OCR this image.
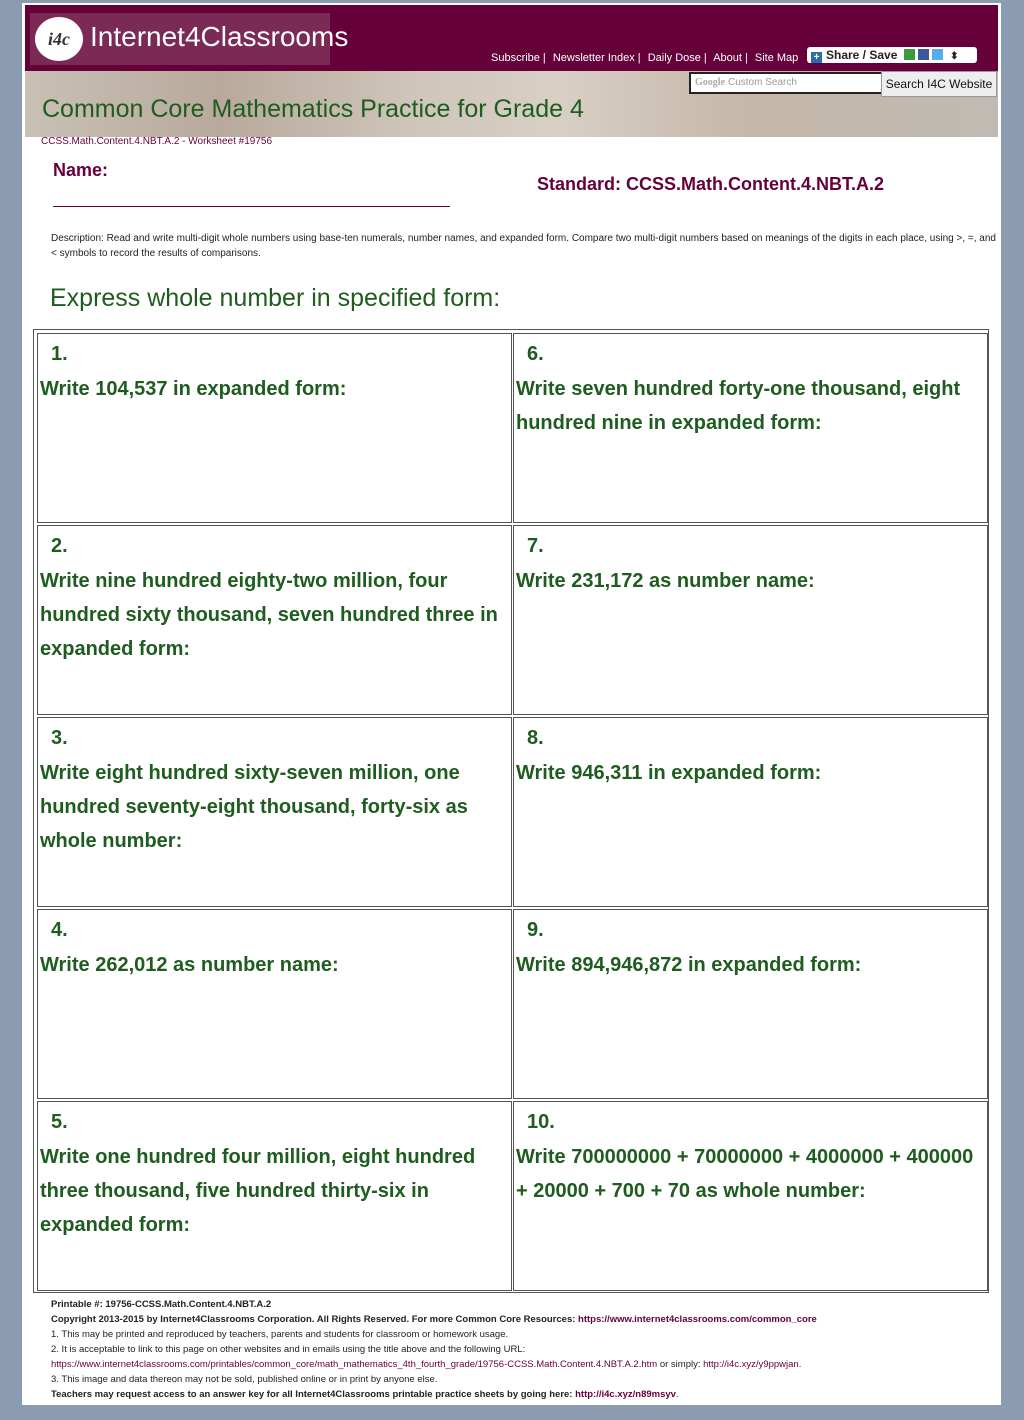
i4c Internet4Classrooms
Subscribe | Newsletter Index | Daily Dose | About | Site Map	+ Share / Save	⬍
Google Custom Search	Search I4C Website
Common Core Mathematics Practice for Grade 4
CCSS.Math.Content.4.NBT.A.2 - Worksheet #19756
Name:
Standard: CCSS.Math.Content.4.NBT.A.2
Description: Read and write multi-digit whole numbers using base-ten numerals, number names, and expanded form. Compare two multi-digit numbers based on meanings of the digits in each place, using >, =, and < symbols to record the results of comparisons.
Express whole number in specified form:
1.
Write 104,537 in expanded form:
2.
Write nine hundred eighty-two million, four hundred sixty thousand, seven hundred three in expanded form:
3.
Write eight hundred sixty-seven million, one hundred seventy-eight thousand, forty-six as whole number:
4.
Write 262,012 as number name:
5.
Write one hundred four million, eight hundred three thousand, five hundred thirty-six in expanded form:
6.
Write seven hundred forty-one thousand, eight hundred nine in expanded form:
7.
Write 231,172 as number name:
8.
Write 946,311 in expanded form:
9.
Write 894,946,872 in expanded form:
10.
Write 700000000 + 70000000 + 4000000 + 400000 + 20000 + 700 + 70 as whole number:
Printable #: 19756-CCSS.Math.Content.4.NBT.A.2
Copyright 2013-2015 by Internet4Classrooms Corporation. All Rights Reserved. For more Common Core Resources: https://www.internet4classrooms.com/common_core
1. This may be printed and reproduced by teachers, parents and students for classroom or homework usage.
2. It is acceptable to link to this page on other websites and in emails using the title above and the following URL:
https://www.internet4classrooms.com/printables/common_core/math_mathematics_4th_fourth_grade/19756-CCSS.Math.Content.4.NBT.A.2.htm or simply: http://i4c.xyz/y9ppwjan.
3. This image and data thereon may not be sold, published online or in print by anyone else.
Teachers may request access to an answer key for all Internet4Classrooms printable practice sheets by going here: http://i4c.xyz/n89msyv.
